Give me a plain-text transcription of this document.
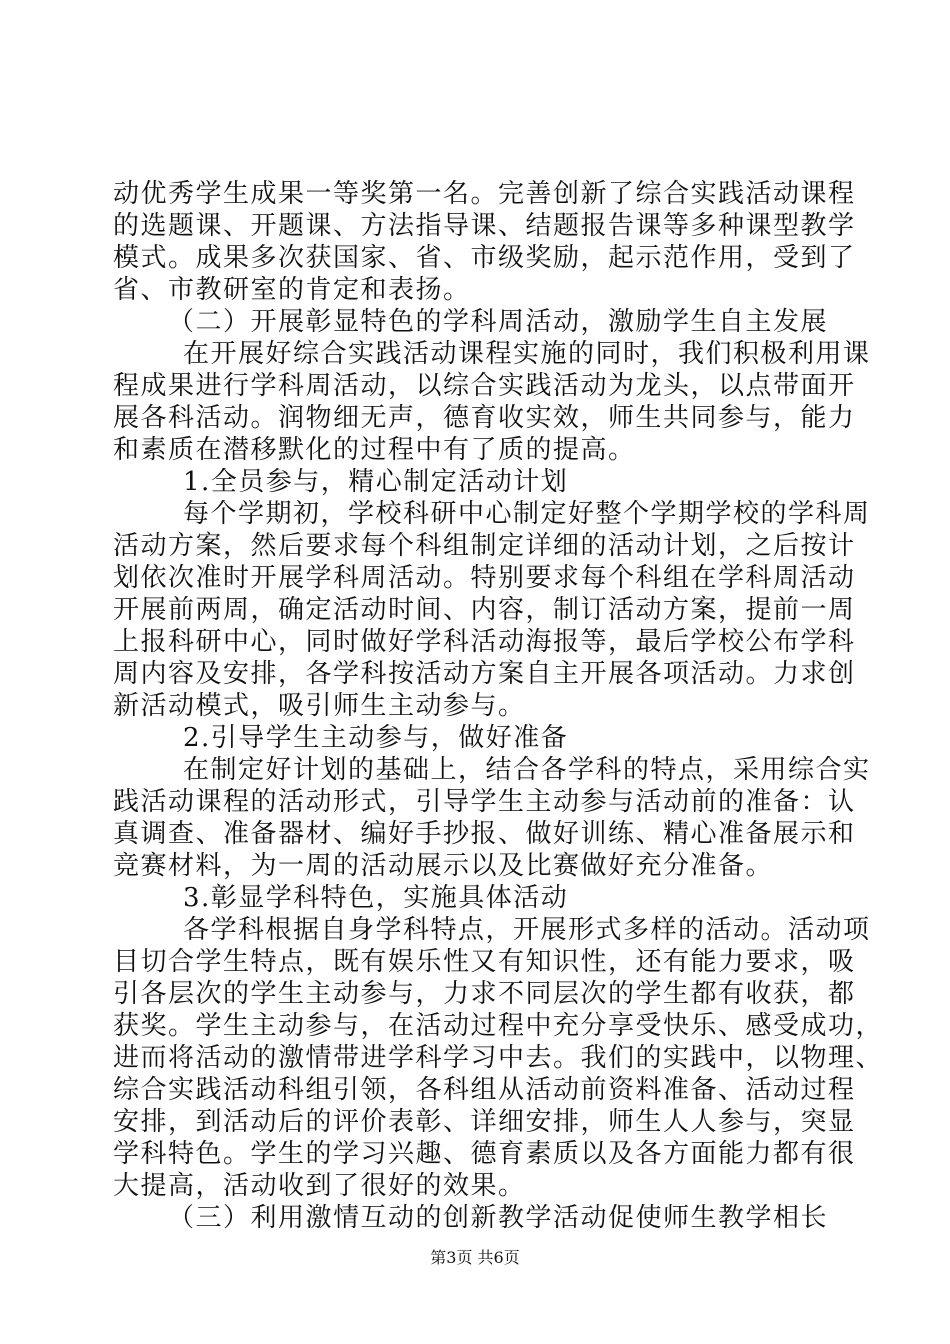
动优秀学生成果一等奖第一名。完善创新了综合实践活动课程
的选题课、开题课、方法指导课、结题报告课等多种课型教学
模式。成果多次获国家、省、市级奖励，起示范作用，受到了
省、市教研室的肯定和表扬。
（二）开展彰显特色的学科周活动，激励学生自主发展
在开展好综合实践活动课程实施的同时，我们积极利用课
程成果进行学科周活动，以综合实践活动为龙头，以点带面开
展各科活动。润物细无声，德育收实效，师生共同参与，能力
和素质在潜移默化的过程中有了质的提高。
1.全员参与，精心制定活动计划
每个学期初，学校科研中心制定好整个学期学校的学科周
活动方案，然后要求每个科组制定详细的活动计划，之后按计
划依次准时开展学科周活动。特别要求每个科组在学科周活动
开展前两周，确定活动时间、内容，制订活动方案，提前一周
上报科研中心，同时做好学科活动海报等，最后学校公布学科
周内容及安排，各学科按活动方案自主开展各项活动。力求创
新活动模式，吸引师生主动参与。
2.引导学生主动参与，做好准备
在制定好计划的基础上，结合各学科的特点，采用综合实
践活动课程的活动形式，引导学生主动参与活动前的准备：认
真调查、准备器材、编好手抄报、做好训练、精心准备展示和
竞赛材料，为一周的活动展示以及比赛做好充分准备。
3.彰显学科特色，实施具体活动
各学科根据自身学科特点，开展形式多样的活动。活动项
目切合学生特点，既有娱乐性又有知识性，还有能力要求，吸
引各层次的学生主动参与，力求不同层次的学生都有收获，都
获奖。学生主动参与，在活动过程中充分享受快乐、感受成功，
进而将活动的激情带进学科学习中去。我们的实践中，以物理、
综合实践活动科组引领，各科组从活动前资料准备、活动过程
安排，到活动后的评价表彰、详细安排，师生人人参与，突显
学科特色。学生的学习兴趣、德育素质以及各方面能力都有很
大提高，活动收到了很好的效果。
（三）利用激情互动的创新教学活动促使师生教学相长
第3页 共6页
